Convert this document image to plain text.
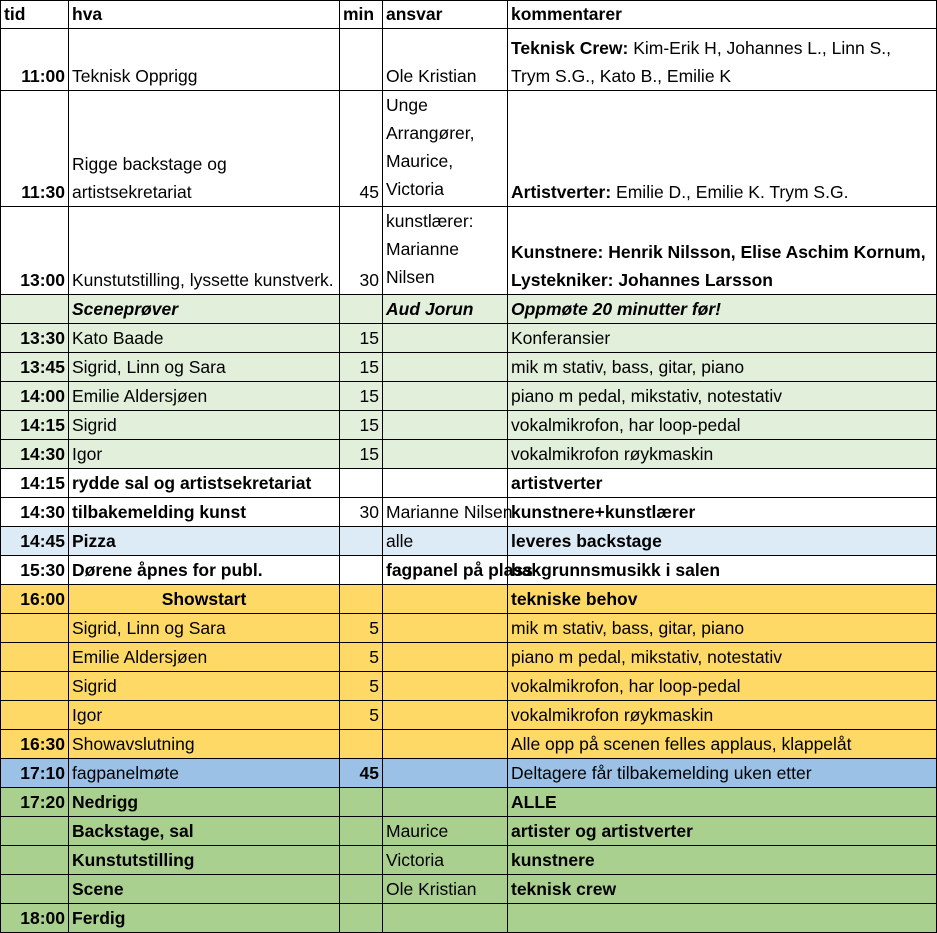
tid	hva	min	ansvar	kommentarer
11:00	Teknisk Opprigg		Ole Kristian	Teknisk Crew: Kim-Erik H, Johannes L., Linn S., Trym S.G., Kato B., Emilie K
11:30	Rigge backstage og artistsekretariat	45	Unge Arrangører, Maurice, Victoria	Artistverter: Emilie D., Emilie K. Trym S.G.
13:00	Kunstutstilling, lyssette kunstverk.	30	kunstlærer: Marianne Nilsen	Kunstnere: Henrik Nilsson, Elise Aschim Kornum, Lystekniker: Johannes Larsson
	Sceneprøver		Aud Jorun	Oppmøte 20 minutter før!
13:30	Kato Baade	15		Konferansier
13:45	Sigrid, Linn og Sara	15		mik m stativ, bass, gitar, piano
14:00	Emilie Aldersjøen	15		piano m pedal, mikstativ, notestativ
14:15	Sigrid	15		vokalmikrofon, har loop-pedal
14:30	Igor	15		vokalmikrofon røykmaskin
14:15	rydde sal og artistsekretariat			artistverter
14:30	tilbakemelding kunst	30	Marianne Nilsen	kunstnere+kunstlærer
14:45	Pizza		alle	leveres backstage
15:30	Dørene åpnes for publ.		fagpanel på plass	bakgrunnsmusikk i salen
16:00	Showstart			tekniske behov
	Sigrid, Linn og Sara	5		mik m stativ, bass, gitar, piano
	Emilie Aldersjøen	5		piano m pedal, mikstativ, notestativ
	Sigrid	5		vokalmikrofon, har loop-pedal
	Igor	5		vokalmikrofon røykmaskin
16:30	Showavslutning			Alle opp på scenen felles applaus, klappelåt
17:10	fagpanelmøte	45		Deltagere får tilbakemelding uken etter
17:20	Nedrigg			ALLE
	Backstage, sal		Maurice	artister og artistverter
	Kunstutstilling		Victoria	kunstnere
	Scene		Ole Kristian	teknisk crew
18:00	Ferdig			
